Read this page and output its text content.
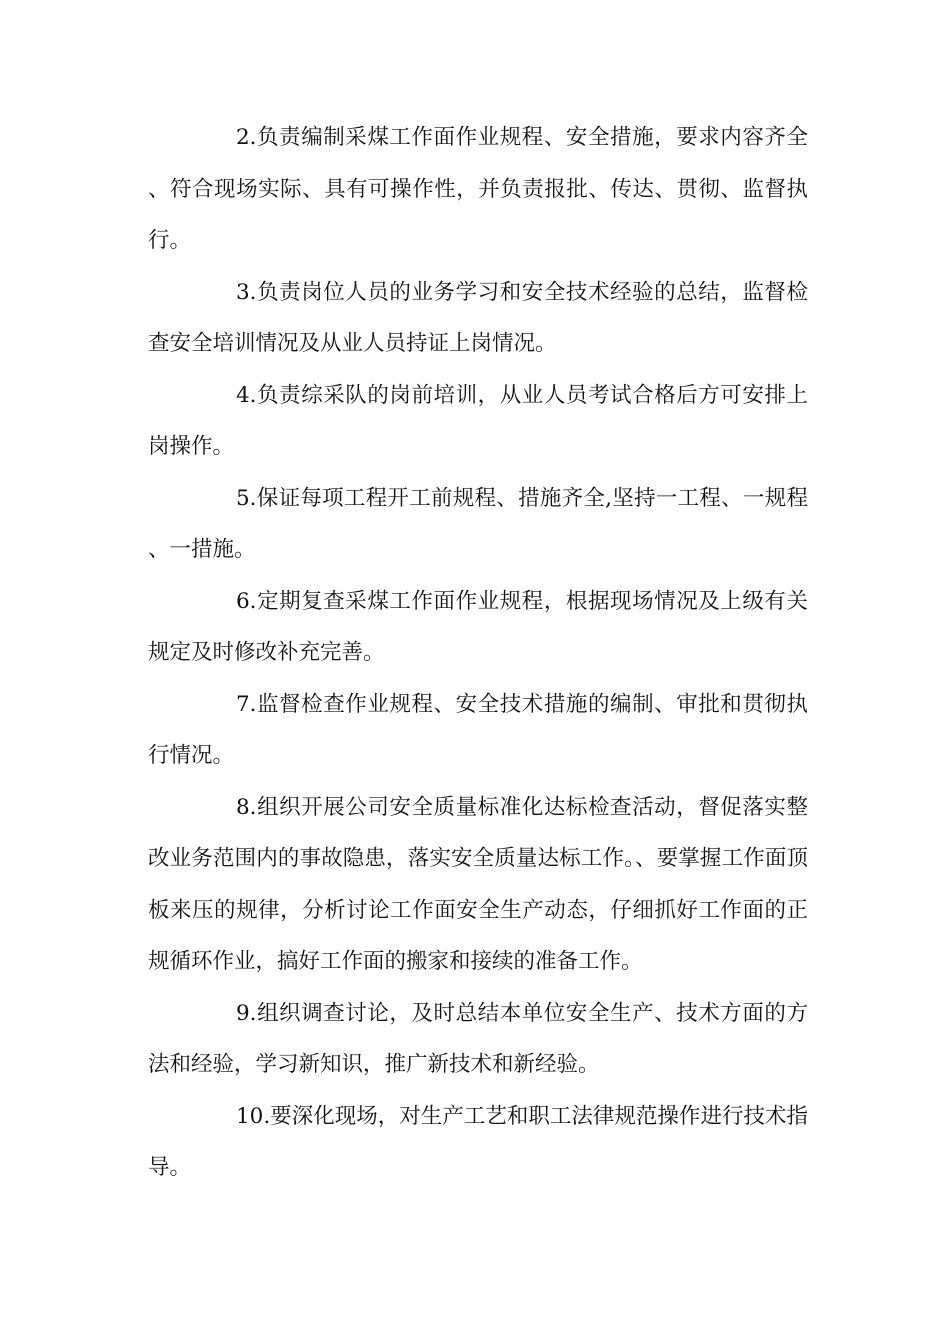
2.负责编制采煤工作面作业规程、安全措施，要求内容齐全、符合现场实际、具有可操作性，并负责报批、传达、贯彻、监督执行。

3.负责岗位人员的业务学习和安全技术经验的总结，监督检查安全培训情况及从业人员持证上岗情况。

4.负责综采队的岗前培训，从业人员考试合格后方可安排上岗操作。

5.保证每项工程开工前规程、措施齐全,坚持一工程、一规程、一措施。

6.定期复查采煤工作面作业规程，根据现场情况及上级有关规定及时修改补充完善。

7.监督检查作业规程、安全技术措施的编制、审批和贯彻执行情况。

8.组织开展公司安全质量标准化达标检查活动，督促落实整改业务范围内的事故隐患，落实安全质量达标工作。、要掌握工作面顶板来压的规律，分析讨论工作面安全生产动态，仔细抓好工作面的正规循环作业，搞好工作面的搬家和接续的准备工作。

9.组织调查讨论，及时总结本单位安全生产、技术方面的方法和经验，学习新知识，推广新技术和新经验。

10.要深化现场，对生产工艺和职工法律规范操作进行技术指导。
